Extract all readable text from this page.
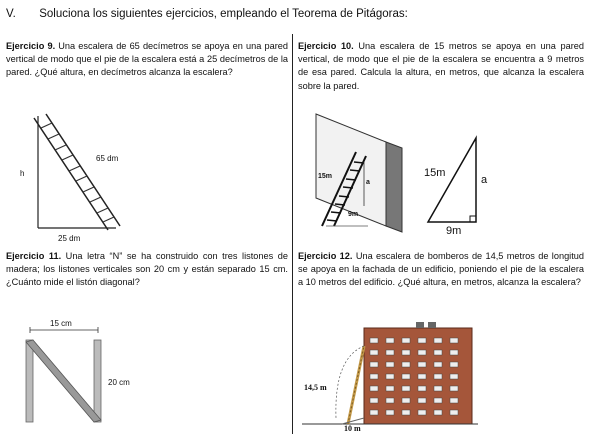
V. Soluciona los siguientes ejercicios, empleando el Teorema de Pitágoras:
Ejercicio 9. Una escalera de 65 decímetros se apoya en una pared vertical de modo que el pie de la escalera está a 25 decímetros de la pared. ¿Qué altura, en decímetros alcanza la escalera?
65 dm
h
25 dm
Ejercicio 10. Una escalera de 15 metros se apoya en una pared vertical, de modo que el pie de la escalera se encuentra a 9 metros de esa pared. Calcula la altura, en metros, que alcanza la escalera sobre la pared.
15m
a
9m
15m
a
9m
Ejercicio 11. Una letra “N” se ha construido con tres listones de madera; los listones verticales son 20 cm y están separado 15 cm. ¿Cuánto mide el listón diagonal?
15 cm
20 cm
Ejercicio 12. Una escalera de bomberos de 14,5 metros de longitud se apoya en la fachada de un edificio, poniendo el pie de la escalera a 10 metros del edificio. ¿Qué altura, en metros, alcanza la escalera?
14,5 m
10 m
